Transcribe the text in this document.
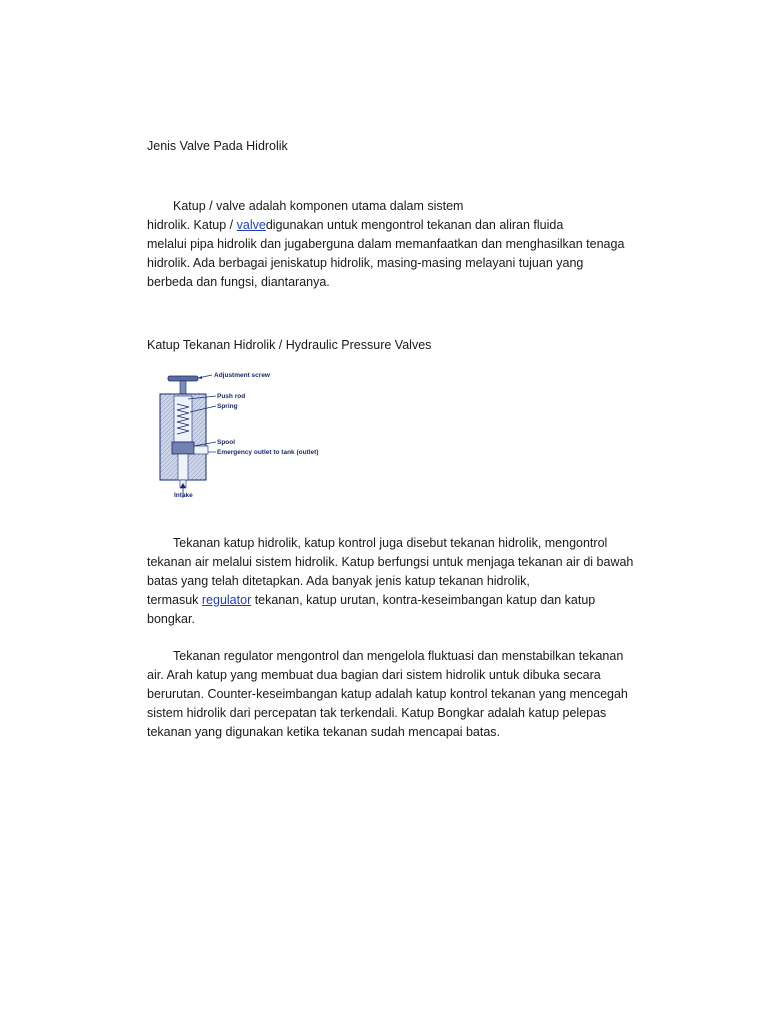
Jenis Valve Pada Hidrolik

Katup / valve adalah komponen utama dalam sistem

hidrolik. Katup / valvedigunakan untuk mengontrol tekanan dan aliran fluida

melalui pipa hidrolik dan jugaberguna dalam memanfaatkan dan menghasilkan tenaga

hidrolik. Ada berbagai jeniskatup hidrolik, masing-masing melayani tujuan yang

berbeda dan fungsi, diantaranya.

Katup Tekanan Hidrolik / Hydraulic Pressure Valves

Adjustment screw
Push rod
Spring
Spool
Emergency outlet to tank (outlet)
Intake

Tekanan katup hidrolik, katup kontrol juga disebut tekanan hidrolik, mengontrol

tekanan air melalui sistem hidrolik. Katup berfungsi untuk menjaga tekanan air di bawah

batas yang telah ditetapkan. Ada banyak jenis katup tekanan hidrolik,

termasuk regulator tekanan, katup urutan, kontra-keseimbangan katup dan katup

bongkar.

Tekanan regulator mengontrol dan mengelola fluktuasi dan menstabilkan tekanan

air. Arah katup yang membuat dua bagian dari sistem hidrolik untuk dibuka secara

berurutan. Counter-keseimbangan katup adalah katup kontrol tekanan yang mencegah

sistem hidrolik dari percepatan tak terkendali. Katup Bongkar adalah katup pelepas

tekanan yang digunakan ketika tekanan sudah mencapai batas.
